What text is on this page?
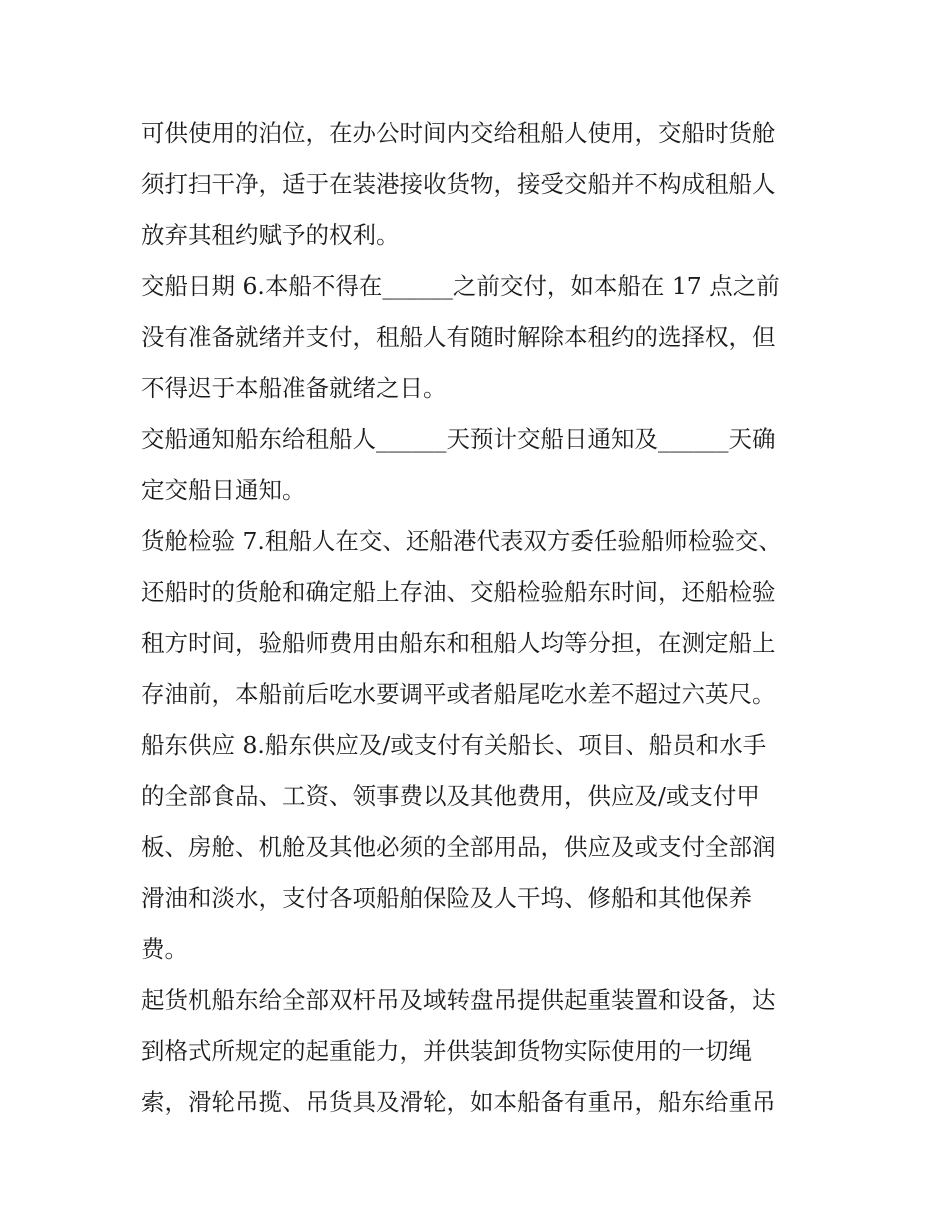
可供使用的泊位，在办公时间内交给租船人使用，交船时货舱
须打扫干净，适于在装港接收货物，接受交船并不构成租船人
放弃其租约赋予的权利。
交船日期 6.本船不得在______之前交付，如本船在 17 点之前
没有准备就绪并支付，租船人有随时解除本租约的选择权，但
不得迟于本船准备就绪之日。
交船通知船东给租船人______天预计交船日通知及______天确
定交船日通知。
货舱检验 7.租船人在交、还船港代表双方委任验船师检验交、
还船时的货舱和确定船上存油、交船检验船东时间，还船检验
租方时间，验船师费用由船东和租船人均等分担，在测定船上
存油前，本船前后吃水要调平或者船尾吃水差不超过六英尺。
船东供应 8.船东供应及/或支付有关船长、项目、船员和水手
的全部食品、工资、领事费以及其他费用，供应及/或支付甲
板、房舱、机舱及其他必须的全部用品，供应及或支付全部润
滑油和淡水，支付各项船舶保险及人干坞、修船和其他保养
费。
起货机船东给全部双杆吊及域转盘吊提供起重装置和设备，达
到格式所规定的起重能力，并供装卸货物实际使用的一切绳
索，滑轮吊揽、吊货具及滑轮，如本船备有重吊，船东给重吊
